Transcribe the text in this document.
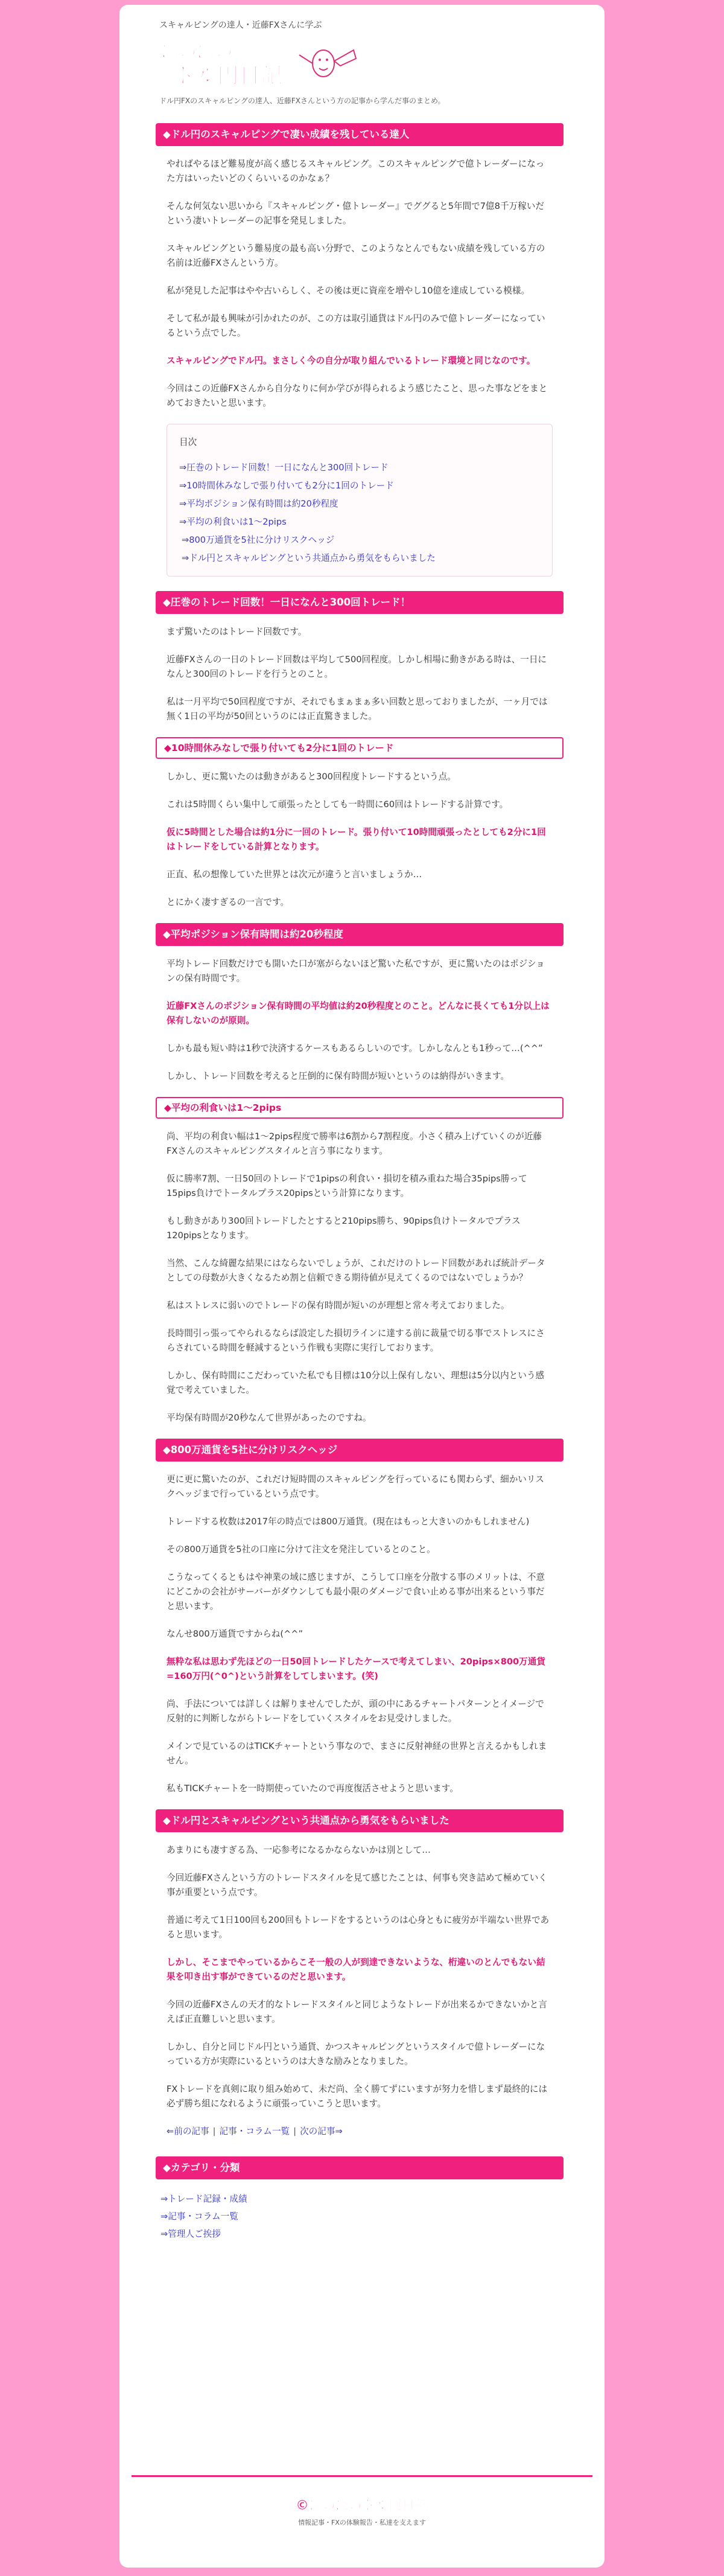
スキャルピングの達人・近藤FXさんに学ぶ
ほのぼの
ドル円日記
ドル円FXのスキャルピングの達人、近藤FXさんという方の記事から学んだ事のまとめ。
◆ドル円のスキャルピングで凄い成績を残している達人

やればやるほど難易度が高く感じるスキャルピング。このスキャルピングで億トレーダーになった方はいったいどのくらいいるのかなぁ？

そんな何気ない思いから『スキャルピング・億トレーダー』でググると5年間で7億8千万稼いだという凄いトレーダーの記事を発見しました。

スキャルピングという難易度の最も高い分野で、このようなとんでもない成績を残している方の名前は近藤FXさんという方。

私が発見した記事はやや古いらしく、その後は更に資産を増やし10億を達成している模様。

そして私が最も興味が引かれたのが、この方は取引通貨はドル円のみで億トレーダーになっているという点でした。

スキャルピングでドル円。まさしく今の自分が取り組んでいるトレード環境と同じなのです。

今回はこの近藤FXさんから自分なりに何か学びが得られるよう感じたこと、思った事などをまとめておきたいと思います。

目次
⇒圧巻のトレード回数！一日になんと300回トレード
⇒10時間休みなしで張り付いても2分に1回のトレード
⇒平均ポジション保有時間は約20秒程度
⇒平均の利食いは1～2pips
⇒800万通貨を5社に分けリスクヘッジ
⇒ドル円とスキャルピングという共通点から勇気をもらいました
◆圧巻のトレード回数！一日になんと300回トレード！

まず驚いたのはトレード回数です。

近藤FXさんの一日のトレード回数は平均して500回程度。しかし相場に動きがある時は、一日になんと300回のトレードを行うとのこと。

私は一月平均で50回程度ですが、それでもまぁまぁ多い回数と思っておりましたが、一ヶ月では無く1日の平均が50回というのには正直驚きました。

◆10時間休みなしで張り付いても2分に1回のトレード

しかし、更に驚いたのは動きがあると300回程度トレードするという点。

これは5時間くらい集中して頑張ったとしても一時間に60回はトレードする計算です。

仮に5時間とした場合は約1分に一回のトレード。張り付いて10時間頑張ったとしても2分に1回はトレードをしている計算となります。

正直、私の想像していた世界とは次元が違うと言いましょうか…

とにかく凄すぎるの一言です。

◆平均ポジション保有時間は約20秒程度

平均トレード回数だけでも開いた口が塞がらないほど驚いた私ですが、更に驚いたのはポジションの保有時間です。

近藤FXさんのポジション保有時間の平均値は約20秒程度とのこと。どんなに長くても1分以上は保有しないのが原則。

しかも最も短い時は1秒で決済するケースもあるらしいのです。しかしなんとも1秒って…(^^”

しかし、トレード回数を考えると圧倒的に保有時間が短いというのは納得がいきます。

◆平均の利食いは1～2pips

尚、平均の利食い幅は1～2pips程度で勝率は6割から7割程度。小さく積み上げていくのが近藤FXさんのスキャルピングスタイルと言う事になります。

仮に勝率7割、一日50回のトレードで1pipsの利食い・損切を積み重ねた場合35pips勝って15pips負けでトータルプラス20pipsという計算になります。

もし動きがあり300回トレードしたとすると210pips勝ち、90pips負けトータルでプラス120pipsとなります。

当然、こんな綺麗な結果にはならないでしょうが、これだけのトレード回数があれば統計データとしての母数が大きくなるため割と信頼できる期待値が見えてくるのではないでしょうか？

私はストレスに弱いのでトレードの保有時間が短いのが理想と常々考えておりました。

長時間引っ張ってやられるならば設定した損切ラインに達する前に裁量で切る事でストレスにさらされている時間を軽減するという作戦も実際に実行しております。

しかし、保有時間にこだわっていた私でも目標は10分以上保有しない、理想は5分以内という感覚で考えていました。

平均保有時間が20秒なんて世界があったのですね。

◆800万通貨を5社に分けリスクヘッジ

更に更に驚いたのが、これだけ短時間のスキャルピングを行っているにも関わらず、細かいリスクヘッジまで行っているという点です。

トレードする枚数は2017年の時点では800万通貨。(現在はもっと大きいのかもしれません)

その800万通貨を5社の口座に分けて注文を発注しているとのこと。

こうなってくるともはや神業の域に感じますが、こうして口座を分散する事のメリットは、不意にどこかの会社がサーバーがダウンしても最小限のダメージで食い止める事が出来るという事だと思います。

なんせ800万通貨ですからね(^^”

無粋な私は思わず先ほどの一日50回トレードしたケースで考えてしまい、20pips×800万通貨=160万円(^0^)という計算をしてしまいます。(笑)

尚、手法については詳しくは解りませんでしたが、頭の中にあるチャートパターンとイメージで反射的に判断しながらトレードをしていくスタイルをお見受けしました。

メインで見ているのはTICKチャートという事なので、まさに反射神経の世界と言えるかもしれません。

私もTICKチャートを一時期使っていたので再度復活させようと思います。

◆ドル円とスキャルピングという共通点から勇気をもらいました

あまりにも凄すぎる為、一応参考になるかならないかは別として…

今回近藤FXさんという方のトレードスタイルを見て感じたことは、何事も突き詰めて極めていく事が重要という点です。

普通に考えて1日100回も200回もトレードをするというのは心身ともに疲労が半端ない世界であると思います。

しかし、そこまでやっているからこそ一般の人が到達できないような、桁違いのとんでもない結果を叩き出す事ができているのだと思います。

今回の近藤FXさんの天才的なトレードスタイルと同じようなトレードが出来るかできないかと言えば正直難しいと思います。

しかし、自分と同じドル円という通貨、かつスキャルピングというスタイルで億トレーダーになっている方が実際にいるというのは大きな励みとなりました。

FXトレードを真剣に取り組み始めて、未だ尚、全く勝てずにいますが努力を惜しまず最終的には必ず勝ち組になれるように頑張っていこうと思います。

⇐前の記事 | 記事・コラム一覧 | 次の記事⇒
◆カテゴリ・分類
⇒トレード記録・成績
⇒記事・コラム一覧
⇒管理人ご挨拶
©ほのぼのドル円日記
情報記事・FXの体験報告・私達を支えます
